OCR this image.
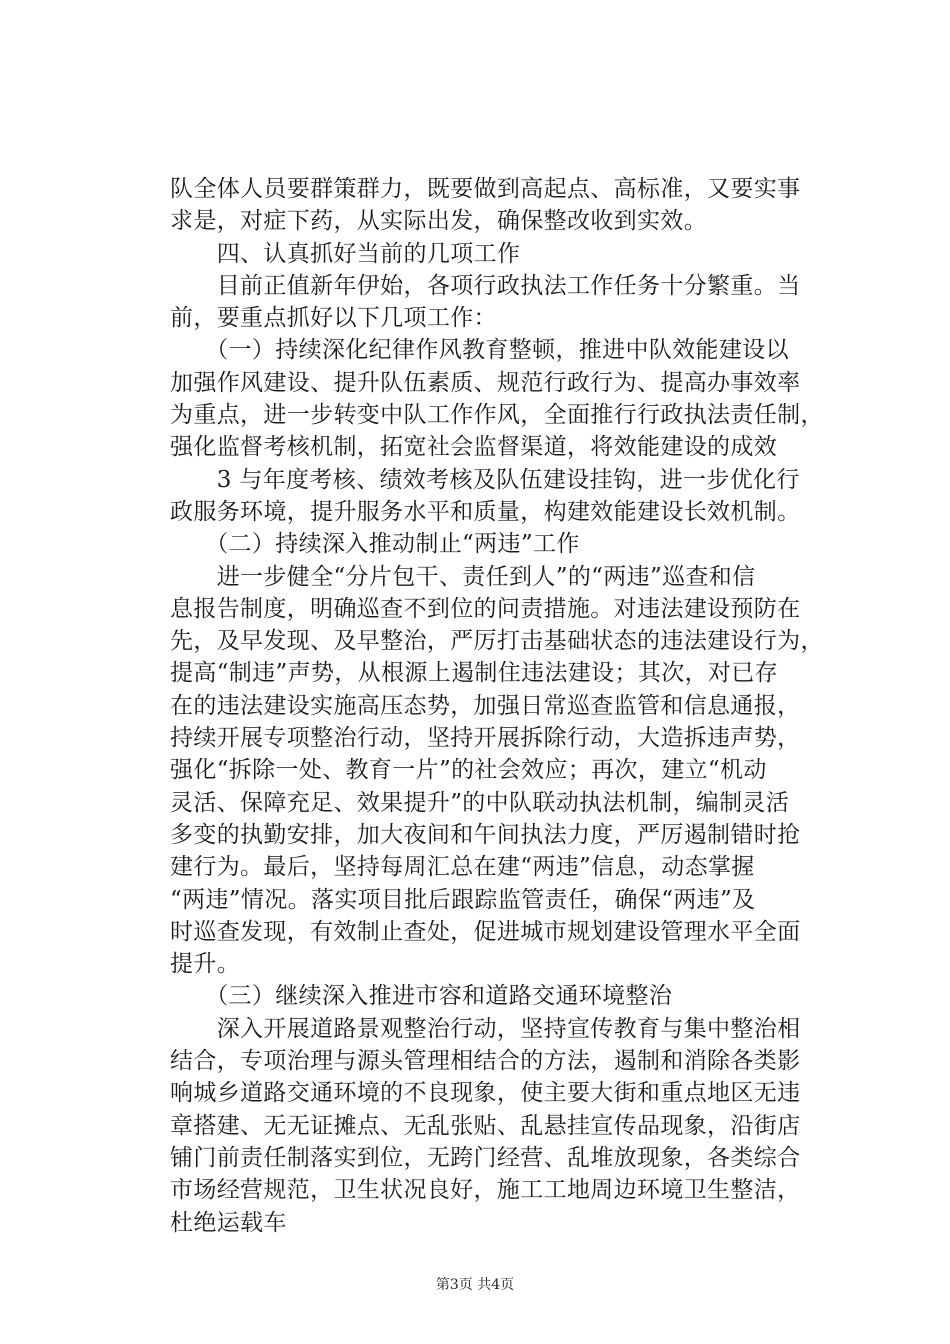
队全体人员要群策群力，既要做到高起点、高标准，又要实事
求是，对症下药，从实际出发，确保整改收到实效。
　　四、认真抓好当前的几项工作
　　目前正值新年伊始，各项行政执法工作任务十分繁重。当
前，要重点抓好以下几项工作：
　　（一）持续深化纪律作风教育整顿，推进中队效能建设以
加强作风建设、提升队伍素质、规范行政行为、提高办事效率
为重点，进一步转变中队工作作风，全面推行行政执法责任制，
强化监督考核机制，拓宽社会监督渠道，将效能建设的成效
　　3 与年度考核、绩效考核及队伍建设挂钩，进一步优化行
政服务环境，提升服务水平和质量，构建效能建设长效机制。
　　（二）持续深入推动制止“两违”工作
　　进一步健全“分片包干、责任到人”的“两违”巡查和信
息报告制度，明确巡查不到位的问责措施。对违法建设预防在
先，及早发现、及早整治，严厉打击基础状态的违法建设行为，
提高“制违”声势，从根源上遏制住违法建设；其次，对已存
在的违法建设实施高压态势，加强日常巡查监管和信息通报，
持续开展专项整治行动，坚持开展拆除行动，大造拆违声势，
强化“拆除一处、教育一片”的社会效应；再次，建立“机动
灵活、保障充足、效果提升”的中队联动执法机制，编制灵活
多变的执勤安排，加大夜间和午间执法力度，严厉遏制错时抢
建行为。最后，坚持每周汇总在建“两违”信息，动态掌握
“两违”情况。落实项目批后跟踪监管责任，确保“两违”及
时巡查发现，有效制止查处，促进城市规划建设管理水平全面
提升。
　　（三）继续深入推进市容和道路交通环境整治
　　深入开展道路景观整治行动，坚持宣传教育与集中整治相
结合，专项治理与源头管理相结合的方法，遏制和消除各类影
响城乡道路交通环境的不良现象，使主要大街和重点地区无违
章搭建、无无证摊点、无乱张贴、乱悬挂宣传品现象，沿街店
铺门前责任制落实到位，无跨门经营、乱堆放现象，各类综合
市场经营规范，卫生状况良好，施工工地周边环境卫生整洁，
杜绝运载车
第3页 共4页
